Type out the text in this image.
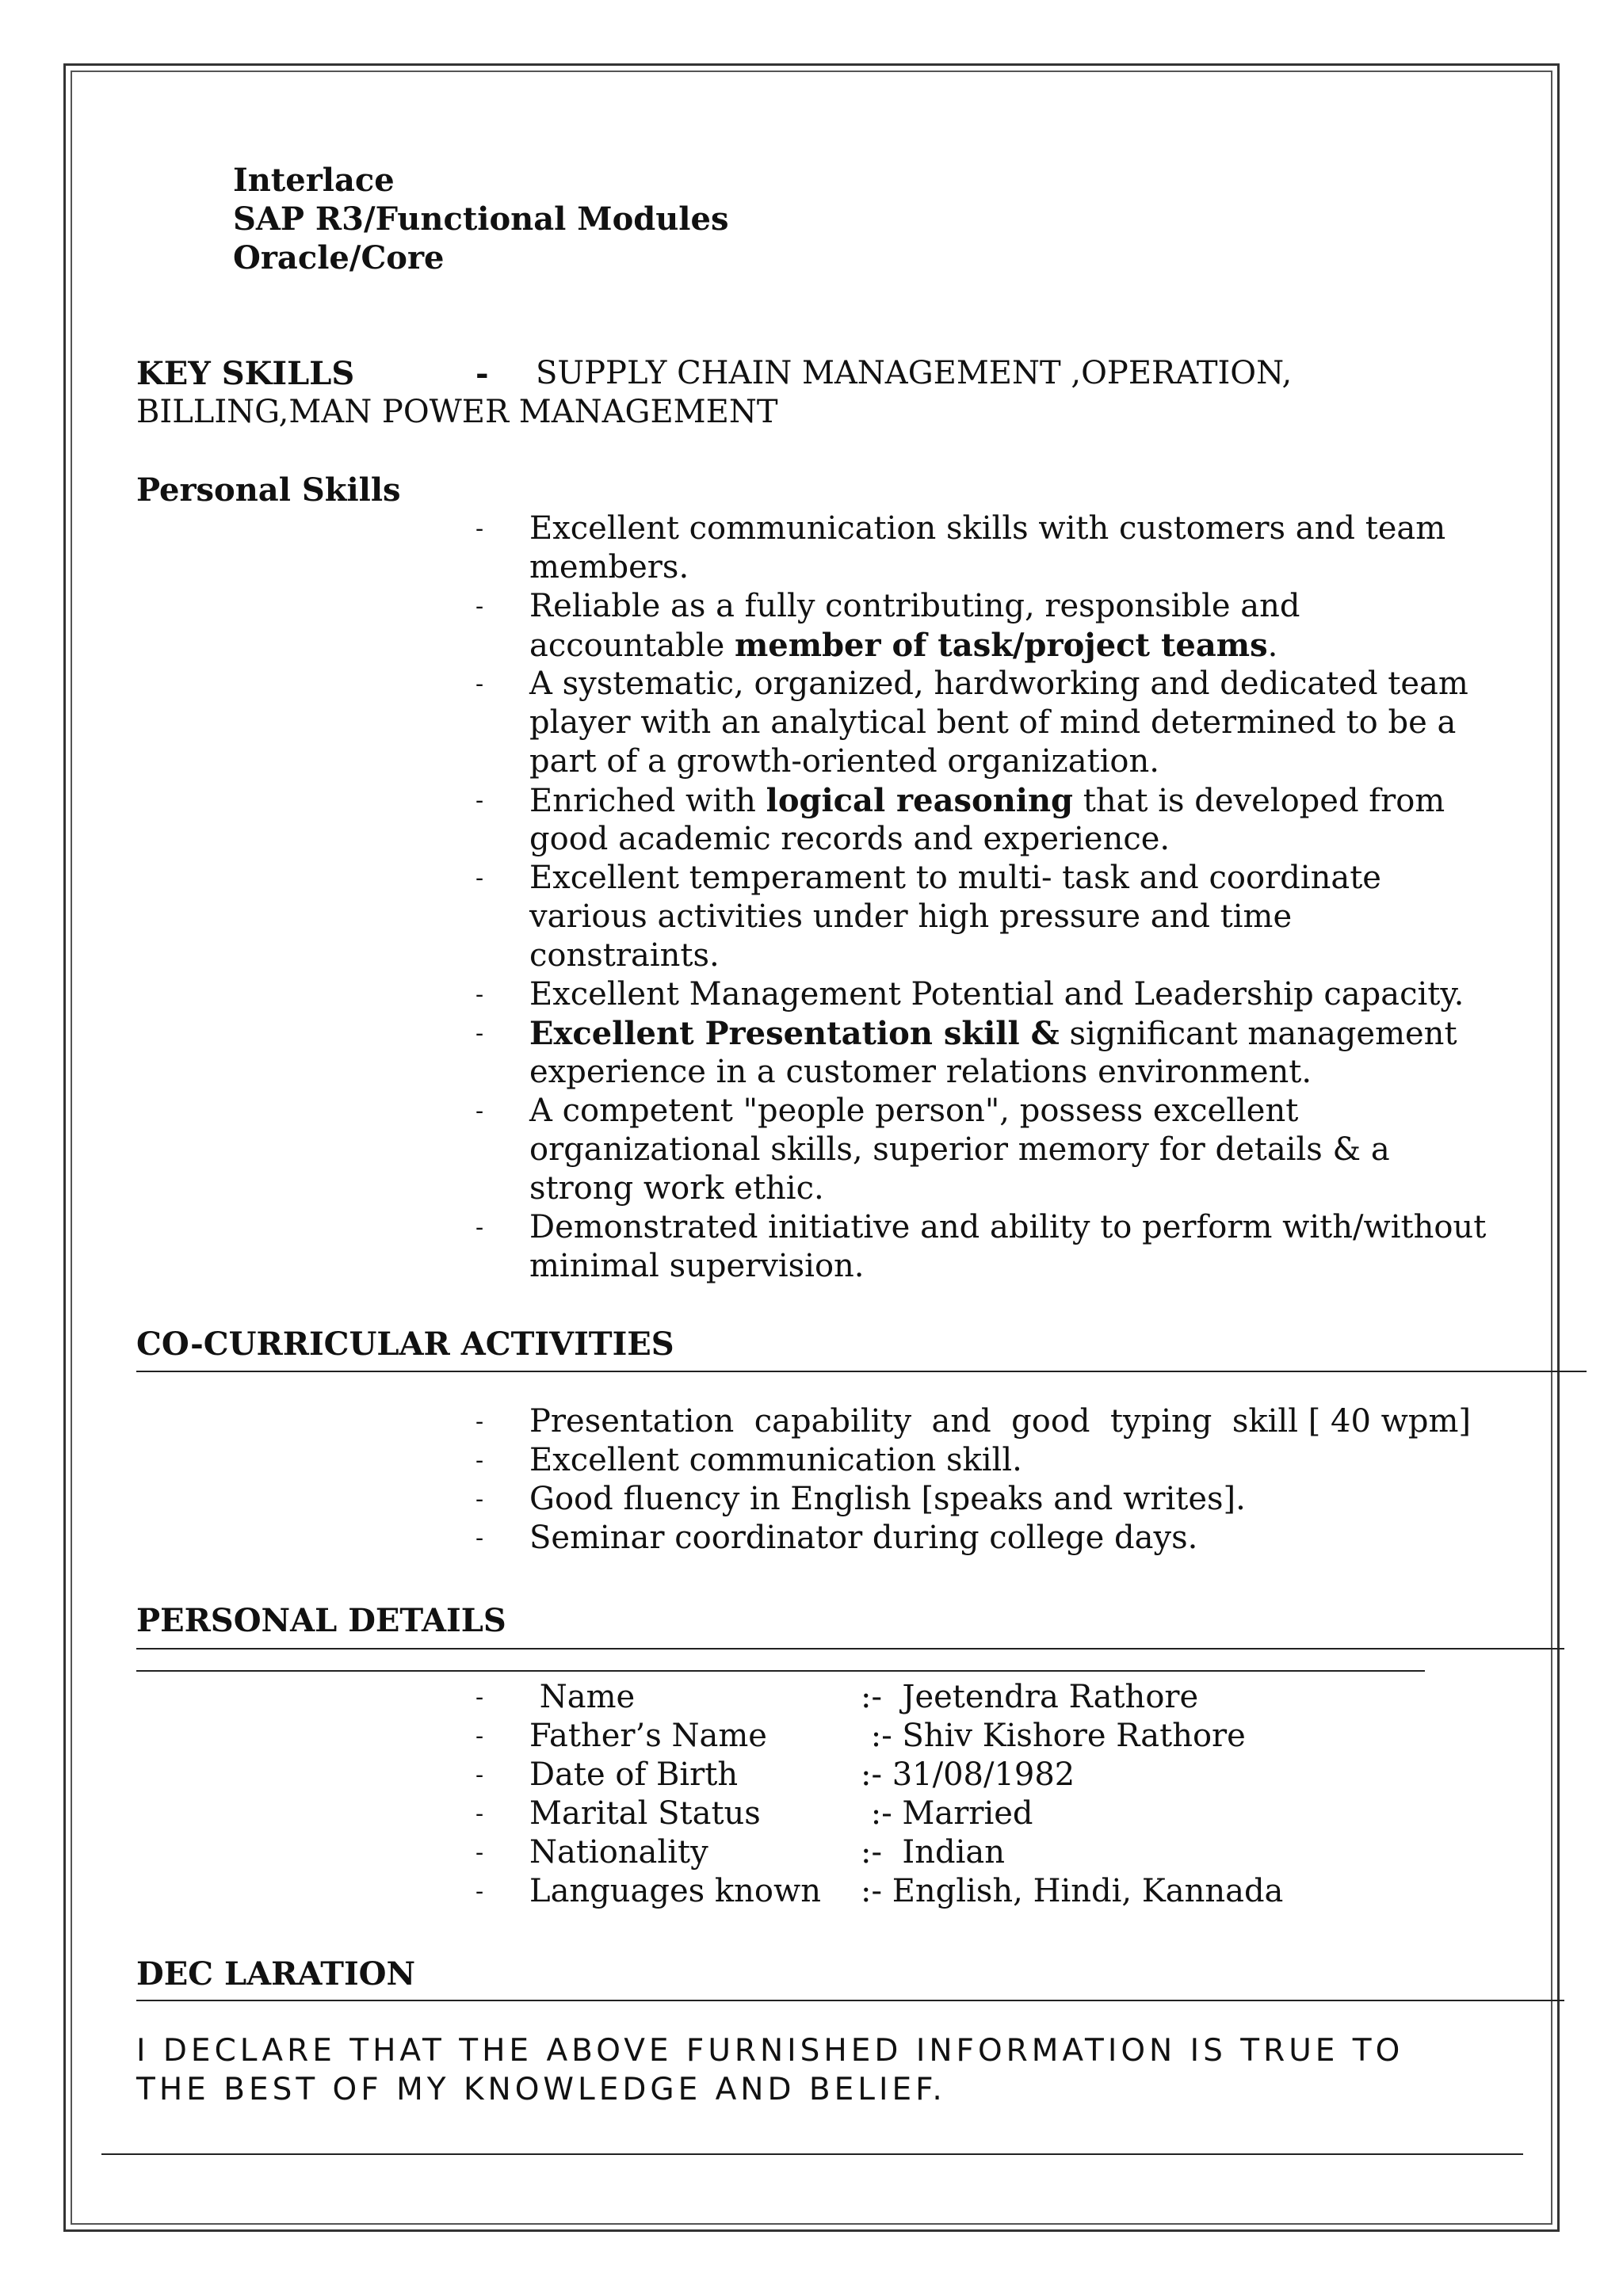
Interlace
SAP R3/Functional Modules
Oracle/Core
KEY SKILLS	- SUPPLY CHAIN MANAGEMENT ,OPERATION,
BILLING,MAN POWER MANAGEMENT
Personal Skills
- Excellent communication skills with customers and team
members.
- Reliable as a fully contributing, responsible and
accountable member of task/project teams.
- A systematic, organized, hardworking and dedicated team
player with an analytical bent of mind determined to be a
part of a growth-oriented organization.
- Enriched with logical reasoning that is developed from
good academic records and experience.
- Excellent temperament to multi- task and coordinate
various activities under high pressure and time
constraints.
- Excellent Management Potential and Leadership capacity.
- Excellent Presentation skill & significant management
experience in a customer relations environment.
- A competent "people person", possess excellent
organizational skills, superior memory for details & a
strong work ethic.
- Demonstrated initiative and ability to perform with/without
minimal supervision.
CO-CURRICULAR ACTIVITIES
- Presentation  capability  and  good  typing  skill [ 40 wpm]
- Excellent communication skill.
- Good fluency in English [speaks and writes].
- Seminar coordinator during college days.
PERSONAL DETAILS
- Name	:-  Jeetendra Rathore
- Father’s Name	:- Shiv Kishore Rathore
- Date of Birth	:- 31/08/1982
- Marital Status	:- Married
- Nationality	:-  Indian
- Languages known :- English, Hindi, Kannada
DEC LARATION
I DECLARE THAT THE ABOVE FURNISHED INFORMATION IS TRUE TO
THE BEST OF MY KNOWLEDGE AND BELIEF.
